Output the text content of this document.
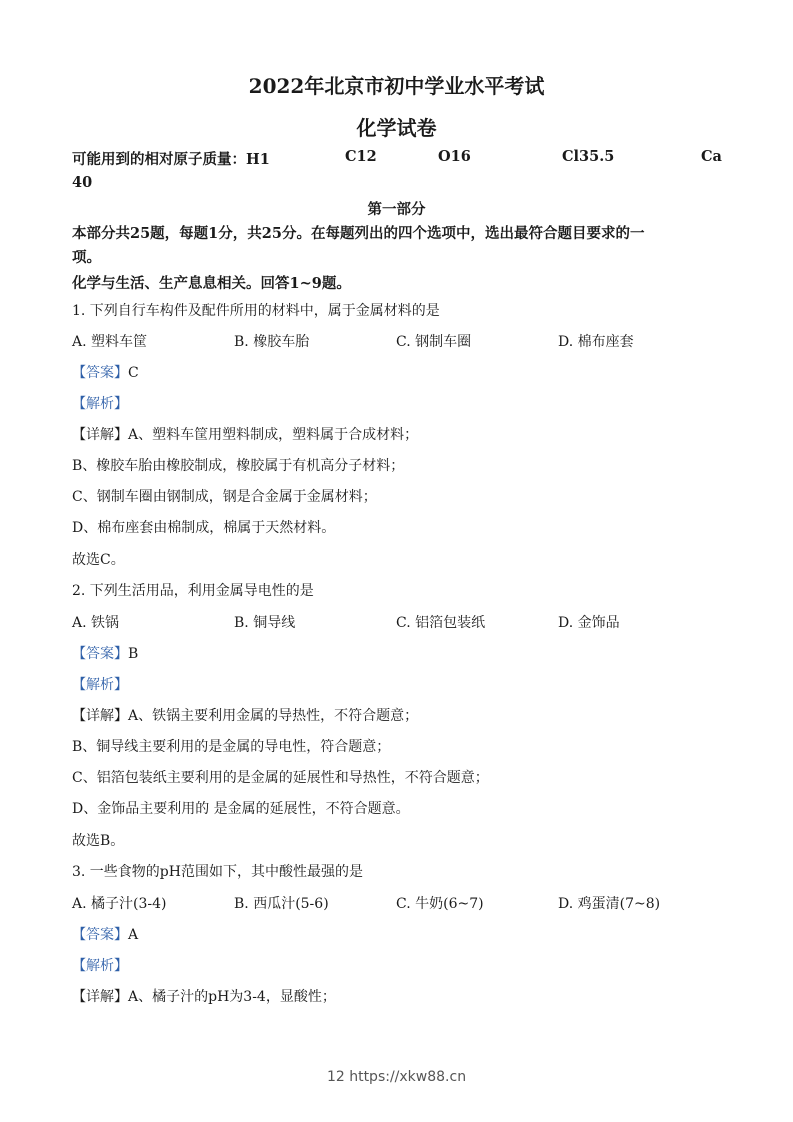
2022年北京市初中学业水平考试
化学试卷
可能用到的相对原子质量：H1	C12	O16	Cl35.5	Ca
40
第一部分
本部分共25题，每题1分，共25分。在每题列出的四个选项中，选出最符合题目要求的一
项。
化学与生活、生产息息相关。回答1~9题。
1. 下列自行车构件及配件所用的材料中，属于金属材料的是
A. 塑料车筐	B. 橡胶车胎	C. 钢制车圈	D. 棉布座套
【答案】C
【解析】
【详解】A、塑料车筐用塑料制成，塑料属于合成材料；
B、橡胶车胎由橡胶制成，橡胶属于有机高分子材料；
C、钢制车圈由钢制成，钢是合金属于金属材料；
D、棉布座套由棉制成，棉属于天然材料。
故选C。
2. 下列生活用品，利用金属导电性的是
A. 铁锅	B. 铜导线	C. 铝箔包装纸	D. 金饰品
【答案】B
【解析】
【详解】A、铁锅主要利用金属的导热性，不符合题意；
B、铜导线主要利用的是金属的导电性，符合题意；
C、铝箔包装纸主要利用的是金属的延展性和导热性，不符合题意；
D、金饰品主要利用的 是金属的延展性，不符合题意。
故选B。
3. 一些食物的pH范围如下，其中酸性最强的是
A. 橘子汁(3-4)	B. 西瓜汁(5-6)	C. 牛奶(6~7)	D. 鸡蛋清(7~8)
【答案】A
【解析】
【详解】A、橘子汁的pH为3-4，显酸性；
12 https://xkw88.cn
